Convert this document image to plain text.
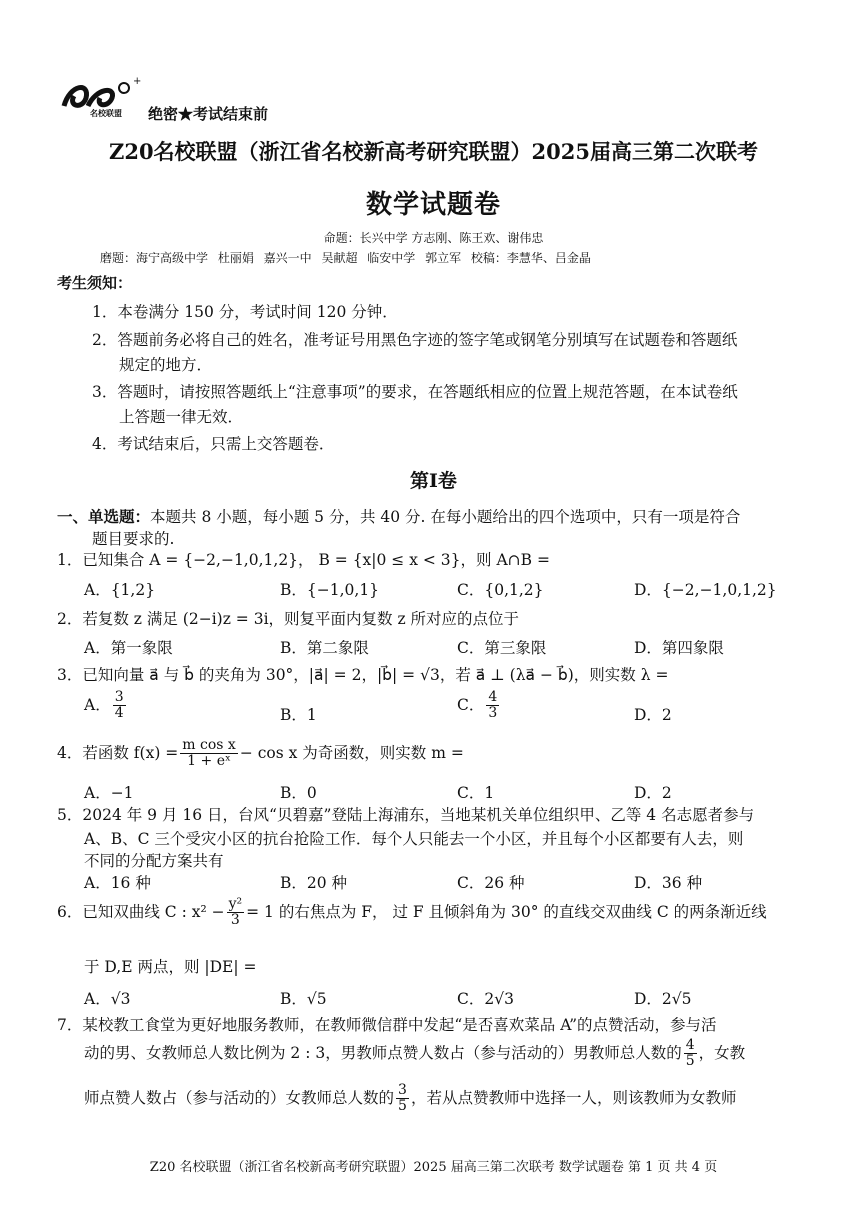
+
名校联盟 绝密★考试结束前
Z20名校联盟（浙江省名校新高考研究联盟）2025届高三第二次联考
数学试题卷
命题：长兴中学 方志刚、陈王欢、谢伟忠
磨题：海宁高级中学 杜丽娟 嘉兴一中 吴献超 临安中学 郭立军 校稿：李慧华、吕金晶
考生须知：
1．本卷满分 150 分，考试时间 120 分钟．
2．答题前务必将自己的姓名，准考证号用黑色字迹的签字笔或钢笔分别填写在试题卷和答题纸
规定的地方．
3．答题时，请按照答题纸上“注意事项”的要求，在答题纸相应的位置上规范答题，在本试卷纸
上答题一律无效．
4．考试结束后，只需上交答题卷．
第Ⅰ卷
一、单选题：本题共 8 小题，每小题 5 分，共 40 分. 在每小题给出的四个选项中，只有一项是符合
题目要求的.
1．已知集合 A = {−2,−1,0,1,2}， B = {x|0 ≤ x < 3}，则 A∩B =
A．{1,2}	B．{−1,0,1}	C．{0,1,2}	D．{−2,−1,0,1,2}
2．若复数 z 满足 (2−i)z = 3i，则复平面内复数 z 所对应的点位于
A．第一象限	B．第二象限	C．第三象限	D．第四象限
3．已知向量 a⃗ 与 b⃗ 的夹角为 30°，|a⃗| = 2，|b⃗| = √3，若 a⃗ ⊥ (λa⃗ − b⃗)，则实数 λ =
A． $\frac{3}{4}$	B．1
C． $\frac{4}{3}$	D．2
4．若函数 $f(x) = \frac{\text{m cos x}}{\text{1 + eˣ}} - \cos x$ 为奇函数，则实数 m =
A．−1	B．0	C．1	D．2
5．2024 年 9 月 16 日，台风“贝碧嘉”登陆上海浦东，当地某机关单位组织甲、乙等 4 名志愿者参与
A、B、C 三个受灾小区的抗台抢险工作．每个人只能去一个小区，并且每个小区都要有人去，则
不同的分配方案共有
A．16 种	B．20 种	C．26 种	D．36 种
6．已知双曲线 C : $x^2 - \frac{\text{y²}}{3} = 1$ 的右焦点为 F， 过 F 且倾斜角为 30° 的直线交双曲线 C 的两条渐近线
于 D,E 两点，则 |DE| =
A．√3	B．√5	C．2√3	D．2√5
7．某校教工食堂为更好地服务教师，在教师微信群中发起“是否喜欢菜品 A”的点赞活动，参与活
动的男、女教师总人数比例为 2 : 3，男教师点赞人数占（参与活动的）男教师总人数的 $\frac{4}{5}$ ，女教
师点赞人数占（参与活动的）女教师总人数的 $\frac{3}{5}$ ，若从点赞教师中选择一人，则该教师为女教师
Z20 名校联盟（浙江省名校新高考研究联盟）2025 届高三第二次联考 数学试题卷 第 1 页 共 4 页
